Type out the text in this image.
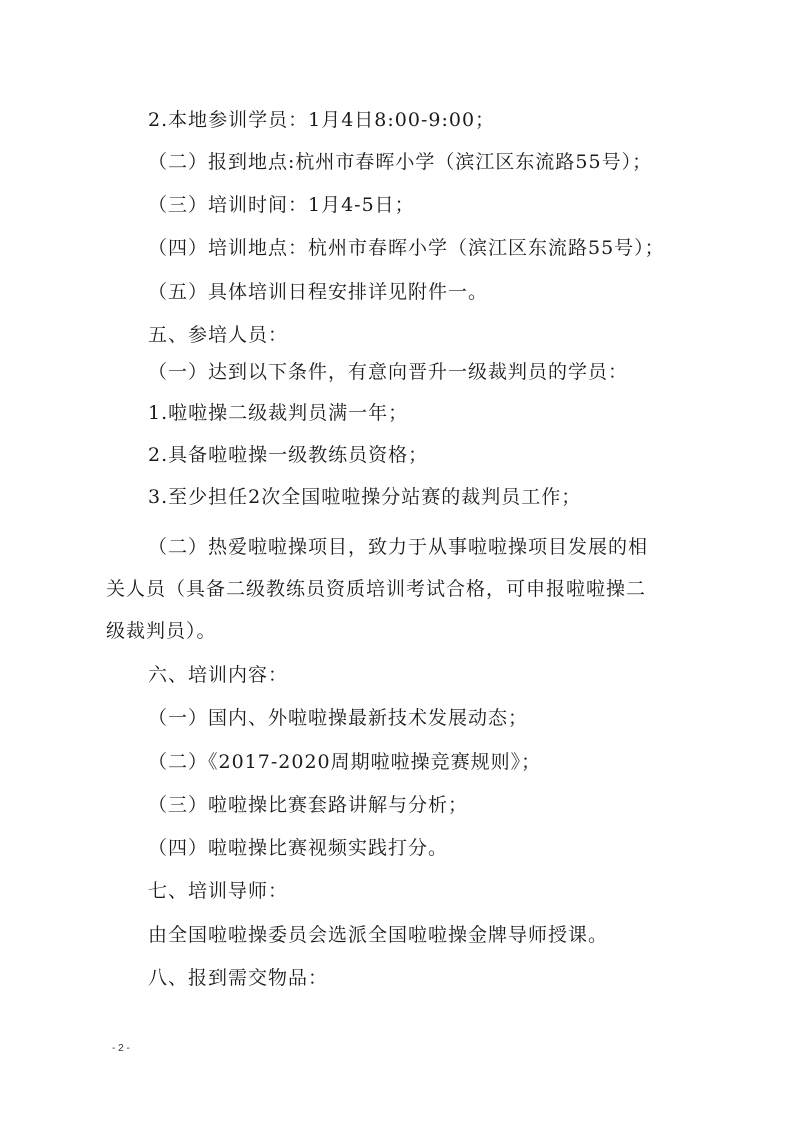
2.本地参训学员：1月4日8:00-9:00；
（二）报到地点:杭州市春晖小学（滨江区东流路55号）；
（三）培训时间：1月4-5日；
（四）培训地点：杭州市春晖小学（滨江区东流路55号）；
（五）具体培训日程安排详见附件一。
五、参培人员：
（一）达到以下条件，有意向晋升一级裁判员的学员：
1.啦啦操二级裁判员满一年；
2.具备啦啦操一级教练员资格；
3.至少担任2次全国啦啦操分站赛的裁判员工作；
（二）热爱啦啦操项目，致力于从事啦啦操项目发展的相
关人员（具备二级教练员资质培训考试合格，可申报啦啦操二
级裁判员）。
六、培训内容：
（一）国内、外啦啦操最新技术发展动态；
（二）《2017-2020周期啦啦操竞赛规则》；
（三）啦啦操比赛套路讲解与分析；
（四）啦啦操比赛视频实践打分。
七、培训导师：
由全国啦啦操委员会选派全国啦啦操金牌导师授课。
八、报到需交物品：
- 2 -
